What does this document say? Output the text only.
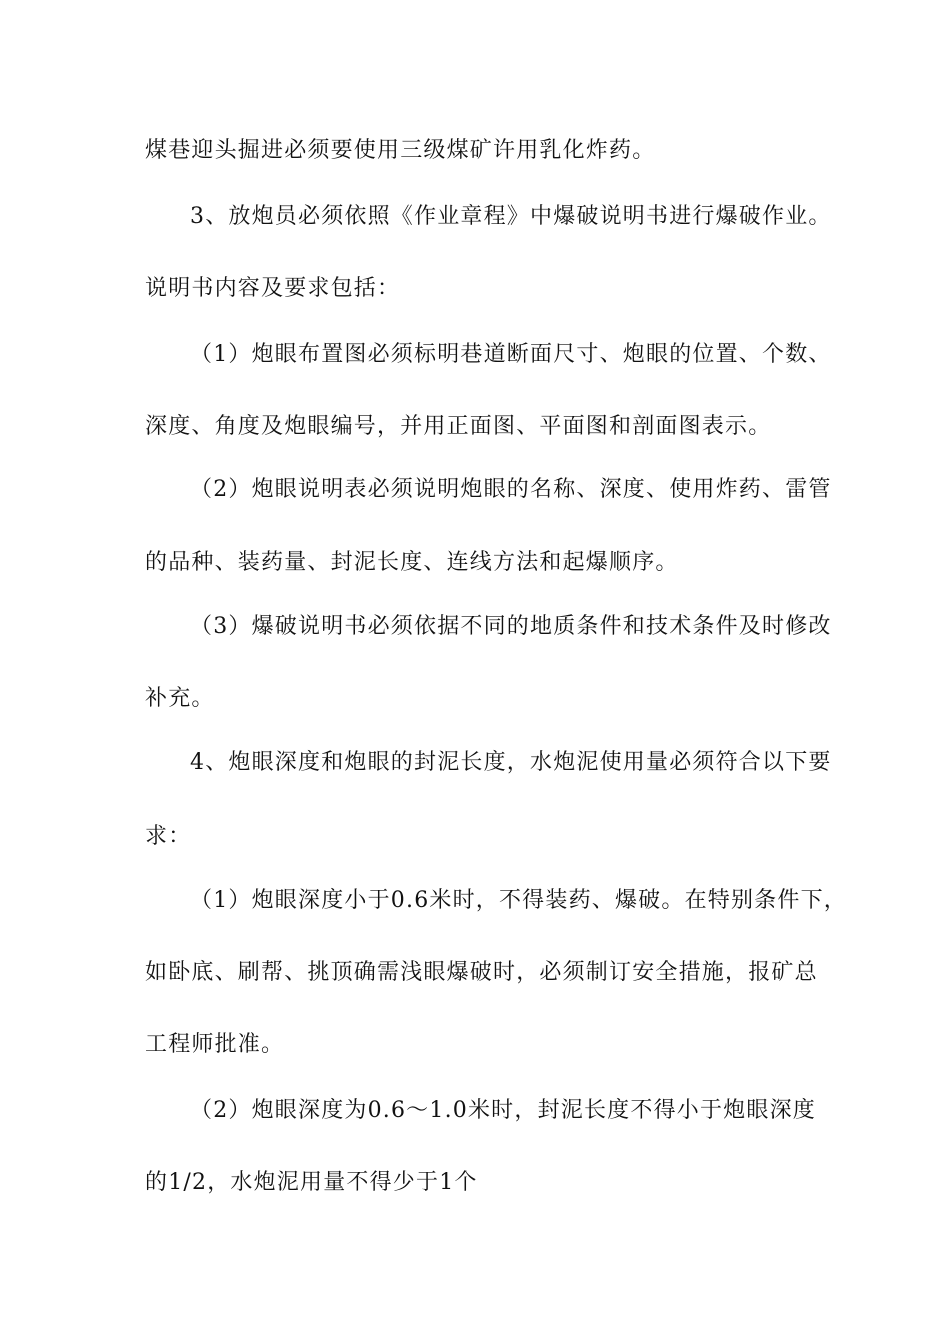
煤巷迎头掘进必须要使用三级煤矿许用乳化炸药。
3、放炮员必须依照《作业章程》中爆破说明书进行爆破作业。
说明书内容及要求包括：
（1）炮眼布置图必须标明巷道断面尺寸、炮眼的位置、个数、
深度、角度及炮眼编号，并用正面图、平面图和剖面图表示。
（2）炮眼说明表必须说明炮眼的名称、深度、使用炸药、雷管
的品种、装药量、封泥长度、连线方法和起爆顺序。
（3）爆破说明书必须依据不同的地质条件和技术条件及时修改
补充。
4、炮眼深度和炮眼的封泥长度，水炮泥使用量必须符合以下要
求：
（1）炮眼深度小于0.6米时，不得装药、爆破。在特别条件下，
如卧底、刷帮、挑顶确需浅眼爆破时，必须制订安全措施，报矿总
工程师批准。
（2）炮眼深度为0.6～1.0米时，封泥长度不得小于炮眼深度
的1/2，水炮泥用量不得少于1个
